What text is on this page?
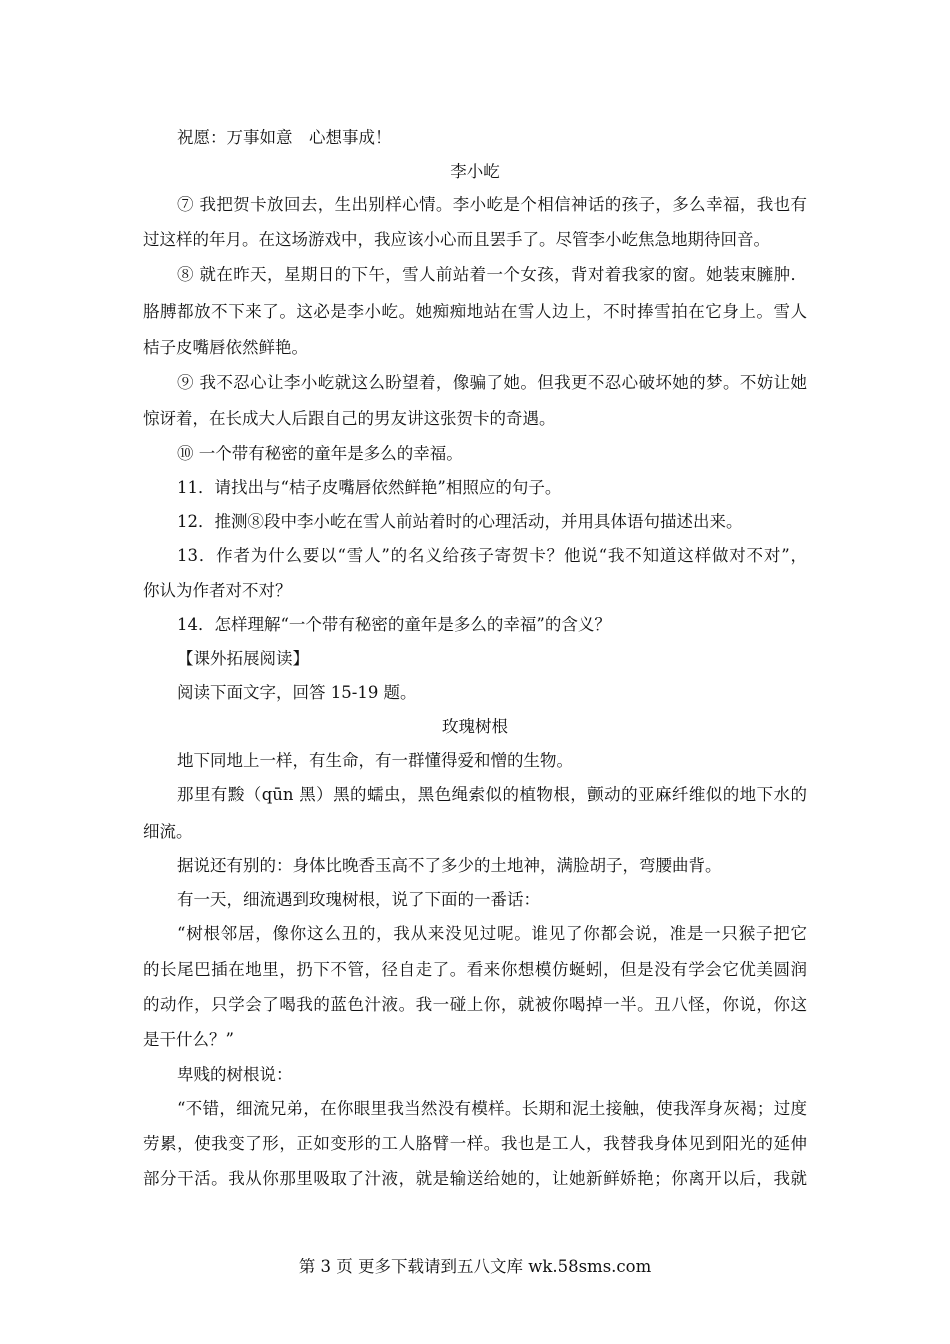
祝愿：万事如意　心想事成！
李小屹
⑦ 我把贺卡放回去，生出别样心情。李小屹是个相信神话的孩子，多么幸福，我也有
过这样的年月。在这场游戏中，我应该小心而且罢手了。尽管李小屹焦急地期待回音。
⑧ 就在昨天，星期日的下午，雪人前站着一个女孩，背对着我家的窗。她装束臃肿．
胳膊都放不下来了。这必是李小屹。她痴痴地站在雪人边上，不时捧雪拍在它身上。雪人
桔子皮嘴唇依然鲜艳。
⑨ 我不忍心让李小屹就这么盼望着，像骗了她。但我更不忍心破坏她的梦。不妨让她
惊讶着，在长成大人后跟自己的男友讲这张贺卡的奇遇。
⑩ 一个带有秘密的童年是多么的幸福。
11．请找出与“桔子皮嘴唇依然鲜艳”相照应的句子。
12．推测⑧段中李小屹在雪人前站着时的心理活动，并用具体语句描述出来。
13．作者为什么要以“雪人”的名义给孩子寄贺卡？他说“我不知道这样做对不对”，
你认为作者对不对？
14．怎样理解“一个带有秘密的童年是多么的幸福”的含义？
【课外拓展阅读】
阅读下面文字，回答 15-19 题。
玫瑰树根
地下同地上一样，有生命，有一群懂得爱和憎的生物。
那里有黢（qūn 黑）黑的蠕虫，黑色绳索似的植物根，颤动的亚麻纤维似的地下水的
细流。
据说还有别的：身体比晚香玉高不了多少的土地神，满脸胡子，弯腰曲背。
有一天，细流遇到玫瑰树根，说了下面的一番话：
“树根邻居，像你这么丑的，我从来没见过呢。谁见了你都会说，准是一只猴子把它
的长尾巴插在地里，扔下不管，径自走了。看来你想模仿蜒蚓，但是没有学会它优美圆润
的动作，只学会了喝我的蓝色汁液。我一碰上你，就被你喝掉一半。丑八怪，你说，你这
是干什么？”
卑贱的树根说：
“不错，细流兄弟，在你眼里我当然没有模样。长期和泥土接触，使我浑身灰褐；过度
劳累，使我变了形，正如变形的工人胳臂一样。我也是工人，我替我身体见到阳光的延伸
部分干活。我从你那里吸取了汁液，就是输送给她的，让她新鲜娇艳；你离开以后，我就
第 3 页 更多下载请到五八文库 wk.58sms.com
